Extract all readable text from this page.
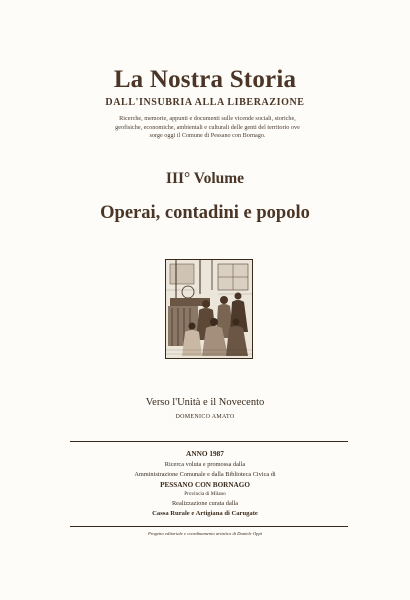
La Nostra Storia
DALL'INSUBRIA ALLA LIBERAZIONE
Ricerche, memorie, appunti e documenti sulle vicende sociali, storiche, geofisiche, economiche, ambientali e culturali delle genti del territorio ove sorge oggi il Comune di Pessano con Bornago.
III° Volume
Operai, contadini e popolo
Verso l'Unità e il Novecento
DOMENICO AMATO
ANNO 1987
Ricerca voluta e promossa dalla
Amministrazione Comunale e dalla Biblioteca Civica di
PESSANO CON BORNAGO
Provincia di Milano
Realizzazione curata dalla
Cassa Rurale e Artigiana di Carugate
Progetto editoriale e coordinamento artistico di Daniele Oppi
